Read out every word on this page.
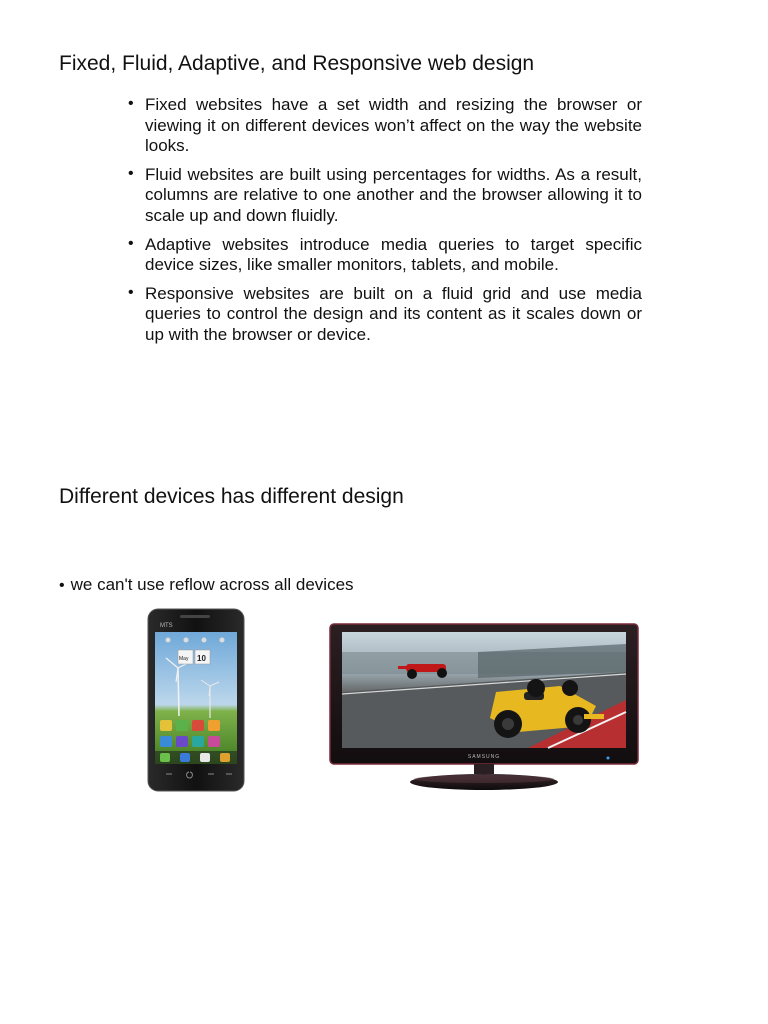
Fixed, Fluid, Adaptive, and Responsive web design
• Fixed websites have a set width and resizing the browser or viewing it on different devices won’t affect on the way the website looks.
• Fluid websites are built using percentages for widths. As a result, columns are relative to one another and the browser allowing it to scale up and down fluidly.
• Adaptive websites introduce media queries to target specific device sizes, like smaller monitors, tablets, and mobile.
• Responsive websites are built on a fluid grid and use media queries to control the design and its content as it scales down or up with the browser or device.
Different devices has different design
• we can't use reflow across all devices
MTS
May 10
SAMSUNG
